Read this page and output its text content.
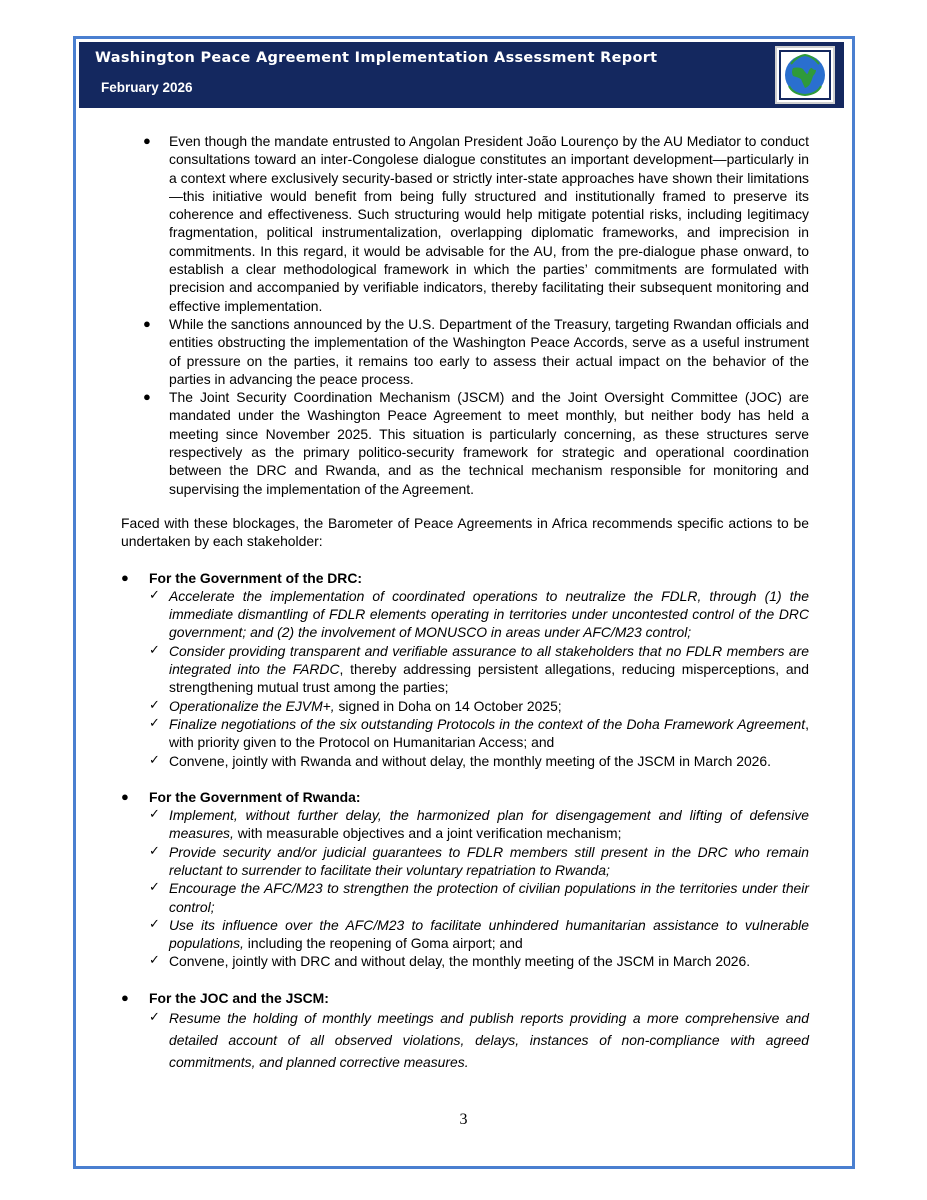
Washington Peace Agreement Implementation Assessment Report
February 2026
● Even though the mandate entrusted to Angolan President João Lourenço by the AU Mediator to conduct consultations toward an inter-Congolese dialogue constitutes an important development—particularly in a context where exclusively security-based or strictly inter-state approaches have shown their limitations—this initiative would benefit from being fully structured and institutionally framed to preserve its coherence and effectiveness. Such structuring would help mitigate potential risks, including legitimacy fragmentation, political instrumentalization, overlapping diplomatic frameworks, and imprecision in commitments. In this regard, it would be advisable for the AU, from the pre-dialogue phase onward, to establish a clear methodological framework in which the parties’ commitments are formulated with precision and accompanied by verifiable indicators, thereby facilitating their subsequent monitoring and effective implementation.
● While the sanctions announced by the U.S. Department of the Treasury, targeting Rwandan officials and entities obstructing the implementation of the Washington Peace Accords, serve as a useful instrument of pressure on the parties, it remains too early to assess their actual impact on the behavior of the parties in advancing the peace process.
● The Joint Security Coordination Mechanism (JSCM) and the Joint Oversight Committee (JOC) are mandated under the Washington Peace Agreement to meet monthly, but neither body has held a meeting since November 2025. This situation is particularly concerning, as these structures serve respectively as the primary politico-security framework for strategic and operational coordination between the DRC and Rwanda, and as the technical mechanism responsible for monitoring and supervising the implementation of the Agreement.

Faced with these blockages, the Barometer of Peace Agreements in Africa recommends specific actions to be undertaken by each stakeholder:

● For the Government of the DRC:
✓ Accelerate the implementation of coordinated operations to neutralize the FDLR, through (1) the immediate dismantling of FDLR elements operating in territories under uncontested control of the DRC government; and (2) the involvement of MONUSCO in areas under AFC/M23 control;
✓ Consider providing transparent and verifiable assurance to all stakeholders that no FDLR members are integrated into the FARDC, thereby addressing persistent allegations, reducing misperceptions, and strengthening mutual trust among the parties;
✓ Operationalize the EJVM+, signed in Doha on 14 October 2025;
✓ Finalize negotiations of the six outstanding Protocols in the context of the Doha Framework Agreement, with priority given to the Protocol on Humanitarian Access; and
✓ Convene, jointly with Rwanda and without delay, the monthly meeting of the JSCM in March 2026.
● For the Government of Rwanda:
✓ Implement, without further delay, the harmonized plan for disengagement and lifting of defensive measures, with measurable objectives and a joint verification mechanism;
✓ Provide security and/or judicial guarantees to FDLR members still present in the DRC who remain reluctant to surrender to facilitate their voluntary repatriation to Rwanda;
✓ Encourage the AFC/M23 to strengthen the protection of civilian populations in the territories under their control;
✓ Use its influence over the AFC/M23 to facilitate unhindered humanitarian assistance to vulnerable populations, including the reopening of Goma airport; and
✓ Convene, jointly with DRC and without delay, the monthly meeting of the JSCM in March 2026.
● For the JOC and the JSCM:
✓ Resume the holding of monthly meetings and publish reports providing a more comprehensive and detailed account of all observed violations, delays, instances of non-compliance with agreed commitments, and planned corrective measures.
3
